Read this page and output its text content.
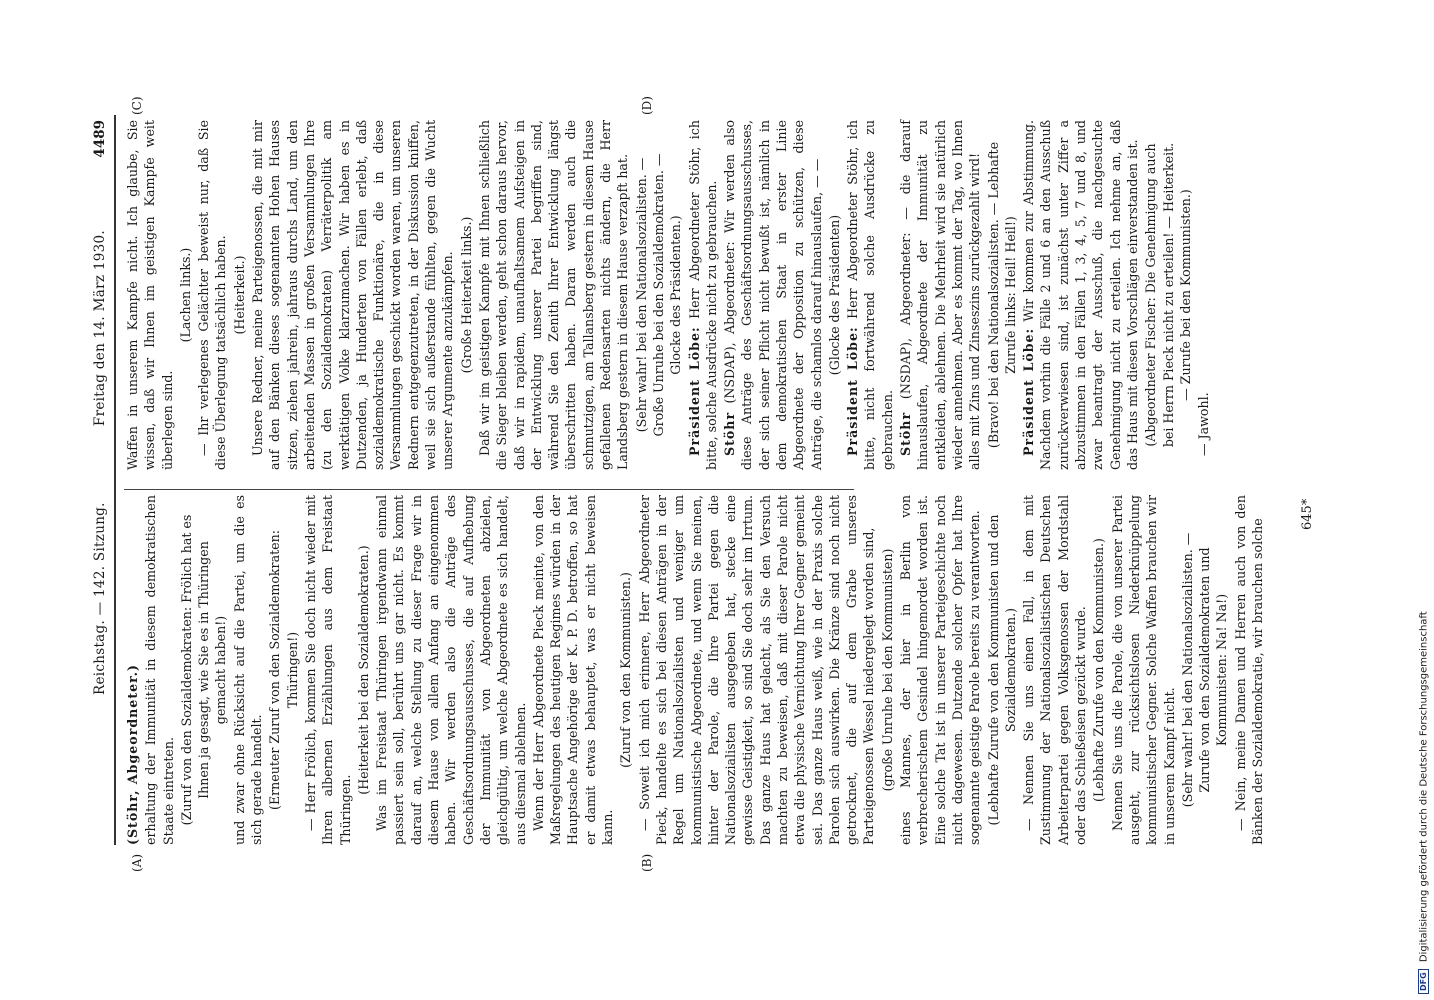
4489
Reichstag. — 142. Sitzung.
Freitag den 14. März 1930.
(A)	(B)
(C)	(D)

(Stöhr, Abgeordneter.) erhaltung der Immunität in diesem demokratischen Staate eintreten. (Zuruf von den Sozialdemokraten: Frölich hat es Ihnen ja gesagt, wie Sie es in Thüringen gemacht haben!) und zwar ohne Rücksicht auf die Partei, um die es sich gerade handelt. (Erneuter Zuruf von den Sozialdemokraten: Thüringen!) — Herr Frölich, kommen Sie doch nicht wieder mit Ihren albernen Erzählungen aus dem Freistaat Thüringen.

(Heiterkeit bei den Sozialdemokraten.) Was im Freistaat Thüringen irgendwann einmal passiert sein soll, berührt uns gar nicht. Es kommt darauf an, welche Stellung zu dieser Frage wir in diesem Hause von allem Anfang an eingenommen haben. Wir werden also die Anträge des Geschäftsordnungsausschusses, die auf Aufhebung der Immunität von Abgeordneten abzielen, gleichgültig, um welche Abgeordnete es sich handelt, aus diesmal ablehnen. Wenn der Herr Abgeordnete Pieck meinte, von den Maßregelungen des heutigen Regimes würden in der Hauptsache Angehörige der K. P. D. betroffen, so hat er damit etwas behauptet, was er nicht beweisen kann.

(Zuruf von den Kommunisten.) — Soweit ich mich erinnere, Herr Abgeordneter Pieck, handelte es sich bei diesen Anträgen in der Regel um Nationalsozialisten und weniger um kommunistische Abgeordnete, und wenn Sie meinen, hinter der Parole, die Ihre Partei gegen die Nationalsozialisten ausgegeben hat, stecke eine gewisse Geistigkeit, so sind Sie doch sehr im Irrtum. Das ganze Haus hat gelacht, als Sie den Versuch machten zu beweisen, daß mit dieser Parole nicht etwa die physische Vernichtung Ihrer Gegner gemeint sei. Das ganze Haus weiß, wie in der Praxis solche Parolen sich auswirken. Die Kränze sind noch nicht getrocknet, die auf dem Grabe unseres Parteigenossen Wessel niedergelegt worden sind, (große Unruhe bei den Kommunisten) eines Mannes, der hier in Berlin von verbrecherischem Gesindel hingemordet worden ist. Eine solche Tat ist in unserer Parteigeschichte noch nicht dagewesen. Dutzende solcher Opfer hat Ihre sogenannte geistige Parole bereits zu verantworten. (Lebhafte Zurufe von den Kommunisten und den Sozialdemokraten.) — Nennen Sie uns einen Fall, in dem mit Zustimmung der Nationalsozialistischen Deutschen Arbeiterpartei gegen Volksgenossen der Mordstahl oder das Schießeisen gezückt wurde. (Lebhafte Zurufe von den Kommunisten.) Nennen Sie uns die Parole, die von unserer Partei ausgeht, zur rücksichtslosen Niederknüppelung kommunistischer Gegner. Solche Waffen brauchen wir in unserem Kampf nicht. (Sehr wahr! bei den Nationalsozialisten. — Zurufe von den Sozialdemokraten und Kommunisten: Na! Na!) — Nein, meine Damen und Herren auch von den Bänken der Sozialdemokratie, wir brauchen solche

Waffen in unserem Kampfe nicht. Ich glaube, Sie wissen, daß wir Ihnen im geistigen Kampfe weit überlegen sind.

(Lachen links.) — Ihr verlegenes Gelächter beweist nur, daß Sie diese Überlegung tatsächlich haben. (Heiterkeit.) Unsere Redner, meine Parteigenossen, die mit mir auf den Bänken dieses sogenannten Hohen Hauses sitzen, ziehen jahrein, jahraus durchs Land, um den arbeitenden Massen in großen Versammlungen Ihre (zu den Sozialdemokraten) Verräterpolitik am werktätigen Volke klarzumachen. Wir haben es in Dutzenden, ja Hunderten von Fällen erlebt, daß sozialdemokratische Funktionäre, die in diese Versammlungen geschickt worden waren, um unseren Rednern entgegenzutreten, in der Diskussion kniffen, weil sie sich außerstande fühlten, gegen die Wucht unserer Argumente anzukämpfen. (Große Heiterkeit links.) Daß wir im geistigen Kampfe mit Ihnen schließlich die Sieger bleiben werden, geht schon daraus hervor, daß wir in rapidem, unaufhaltsamem Aufsteigen in der Entwicklung unserer Partei begriffen sind, während Sie den Zenith Ihrer Entwicklung längst überschritten haben. Daran werden auch die schmutzigen, am Tallansberg gestern in diesem Hause gefallenen Redensarten nichts ändern, die Herr Landsberg gestern in diesem Hause verzapft hat. (Sehr wahr! bei den Nationalsozialisten. — Große Unruhe bei den Sozialdemokraten. — Glocke des Präsidenten.)

Präsident Löbe: Herr Abgeordneter Stöhr, ich bitte, solche Ausdrücke nicht zu gebrauchen. Stöhr (NSDAP), Abgeordneter: Wir werden also diese Anträge des Geschäftsordnungsausschusses, der sich seiner Pflicht nicht bewußt ist, nämlich in dem demokratischen Staat in erster Linie Abgeordnete der Opposition zu schützen, diese Anträge, die schamlos darauf hinauslaufen, — — (Glocke des Präsidenten)

Präsident Löbe: Herr Abgeordneter Stöhr, ich bitte, nicht fortwährend solche Ausdrücke zu gebrauchen. Stöhr (NSDAP), Abgeordneter: — die darauf hinauslaufen, Abgeordnete der Immunität zu entkleiden, ablehnen. Die Mehrheit wird sie natürlich wieder annehmen. Aber es kommt der Tag, wo Ihnen alles mit Zins und Zinseszins zurückgezahlt wird! (Bravo! bei den Nationalsozialisten. — Lebhafte Zurufe links: Heil! Heil!)

Präsident Löbe: Wir kommen zur Abstimmung. Nachdem vorhin die Fälle 2 und 6 an den Ausschuß zurückverwiesen sind, ist zunächst unter Ziffer a abzustimmen in den Fällen 1, 3, 4, 5, 7 und 8, und zwar beantragt der Ausschuß, die nachgesuchte Genehmigung nicht zu erteilen. Ich nehme an, daß das Haus mit diesen Vorschlägen einverstanden ist. (Abgeordneter Fischer: Die Genehmigung auch bei Herrn Pieck nicht zu erteilen! — Heiterkeit. — Zurufe bei den Kommunisten.)

— Jawohl.

645*
DFG Digitalisierung gefördert durch die Deutsche Forschungsgemeinschaft
